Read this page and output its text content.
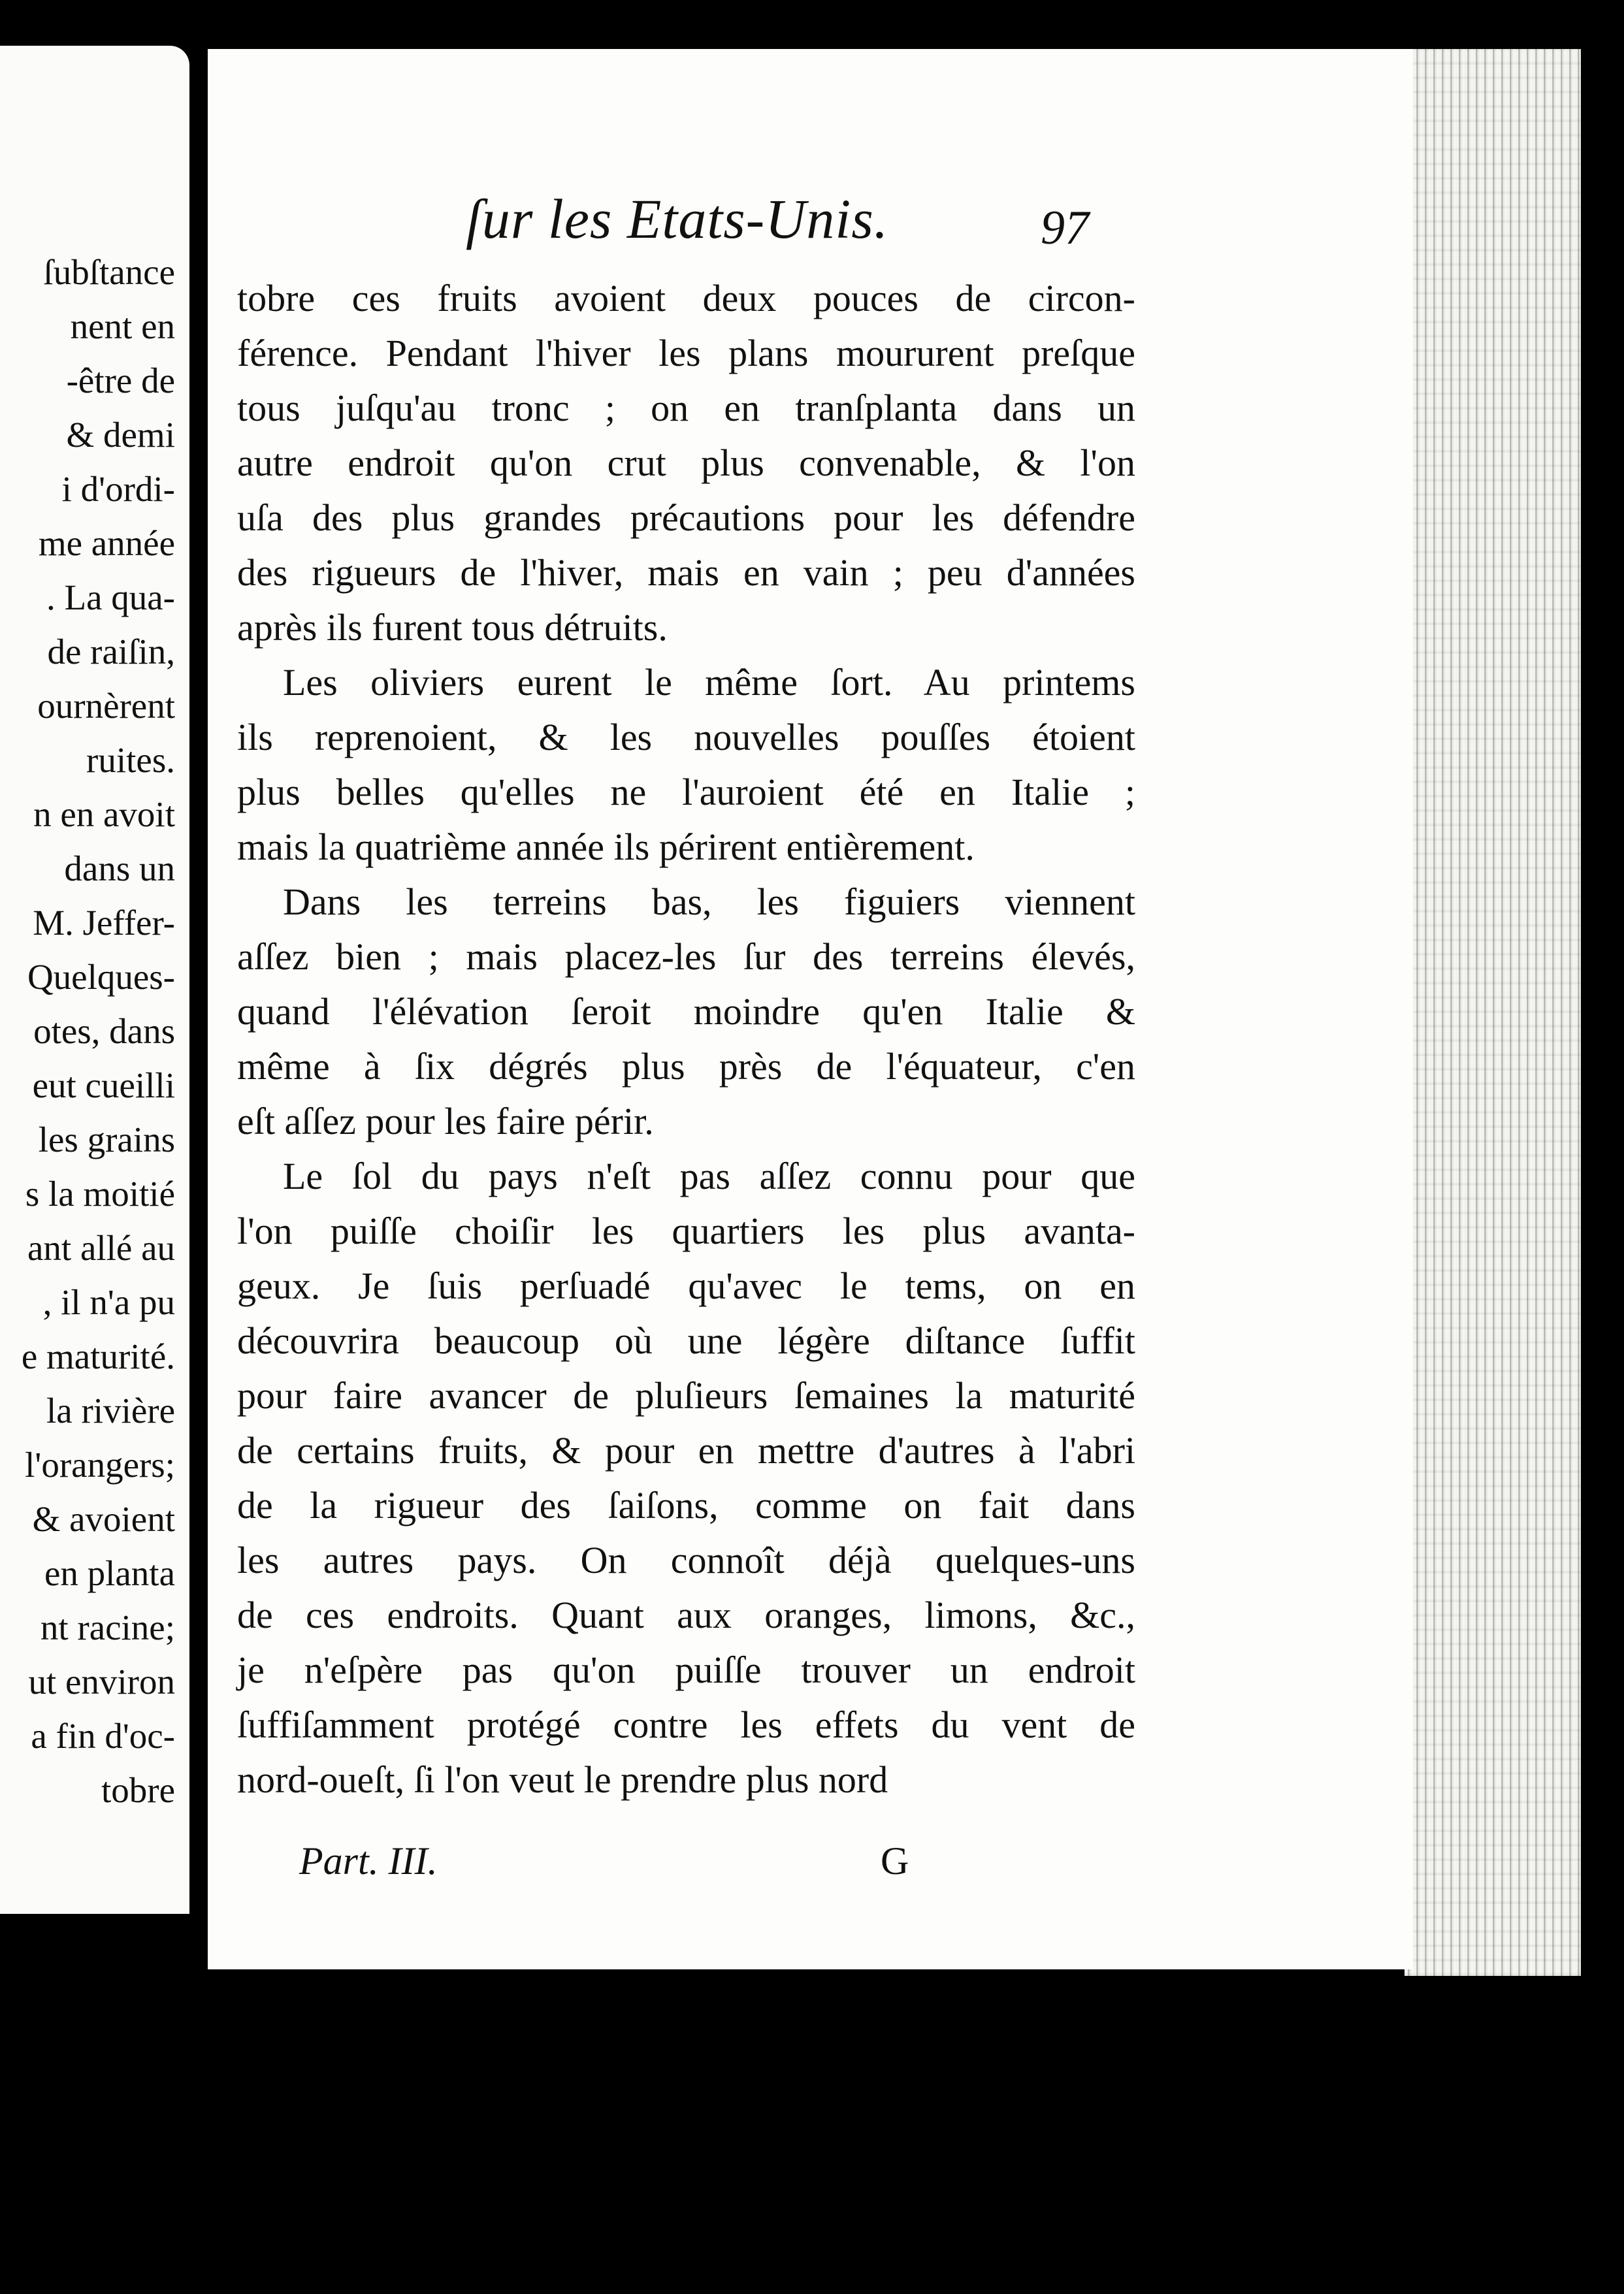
ſubſtance
nent en
-être de
& demi
i d'ordi-
me année
. La qua-
de raiſin,
ournèrent
ruites.
n en avoit
dans un
M. Jeffer-
Quelques-
otes, dans
eut cueilli
les grains
s la moitié
ant allé au
, il n'a pu
e maturité.
la rivière
l'orangers;
& avoient
en planta
nt racine;
ut environ
a fin d'oc-
tobre
ſur les Etats-Unis.	97
tobre ces fruits avoient deux pouces de circon-
férence. Pendant l'hiver les plans moururent preſque
tous juſqu'au tronc ; on en tranſplanta dans un
autre endroit qu'on crut plus convenable, & l'on
uſa des plus grandes précautions pour les défendre
des rigueurs de l'hiver, mais en vain ; peu d'années
après ils furent tous détruits.
Les oliviers eurent le même ſort. Au printems
ils reprenoient, & les nouvelles pouſſes étoient
plus belles qu'elles ne l'auroient été en Italie ;
mais la quatrième année ils périrent entièrement.
Dans les terreins bas, les figuiers viennent
aſſez bien ; mais placez-les ſur des terreins élevés,
quand l'élévation ſeroit moindre qu'en Italie &
même à ſix dégrés plus près de l'équateur, c'en
eſt aſſez pour les faire périr.
Le ſol du pays n'eſt pas aſſez connu pour que
l'on puiſſe choiſir les quartiers les plus avanta-
geux. Je ſuis perſuadé qu'avec le tems, on en
découvrira beaucoup où une légère diſtance ſuffit
pour faire avancer de pluſieurs ſemaines la maturité
de certains fruits, & pour en mettre d'autres à l'abri
de la rigueur des ſaiſons, comme on fait dans
les autres pays. On connoît déjà quelques-uns
de ces endroits. Quant aux oranges, limons, &c.,
je n'eſpère pas qu'on puiſſe trouver un endroit
ſuffiſamment protégé contre les effets du vent de
nord-oueſt, ſi l'on veut le prendre plus nord
Part. III.	G
